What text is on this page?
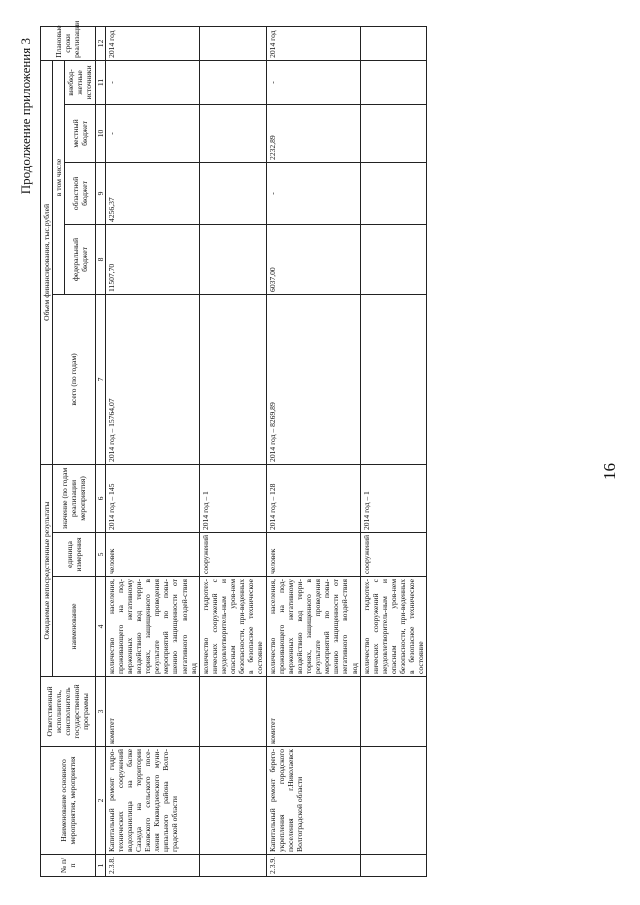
Продолжение приложения 3
№ п/п	Наименование основного мероприятия, мероприятия	Ответственный исполнитель, соисполнитель государственной программы	Ожидаемые непосредственные результаты			Объем финансирования, тыс.рублей					Плановые сроки реализации
			наименование	единица измерения	значение (по годам реализации мероприятия)	всего (по годам)	в том числе				
							федеральный бюджет	областной бюджет	местный бюджет	внебюд-жетные источники	
1	2	3	4	5	6	7	8	9	10	11	12
2.3.8.	Капитальный ремонт гидро-технических сооружений водохранилища на балке Сазауда на территории Ежовского сельского посе-ления Киквидзенского муни-ципального района Волго-градской области	комитет	количество населения, проживающего на под-верженных негативному воздействию вод терри-ториях, защищенного в результате проведения мероприятий по повы-шению защищенности от негативного воздей-ствия вод	человек	2014 год – 145	2014 год – 15764,07	11507,70	4256,37	-	-	2014 год
			количество гидротех-нических сооружений с неудовлетворитель-ным и опасным уров-нем безопасности, при-веденных в безопасное техническое состояние	сооружений	2014 год – 1						
2.3.9.	Капитальный ремонт берего-укрепления городского поселения г.Николаевск Волгоградской области	комитет	количество населения, проживающего на под-верженных негативному воздействию вод терри-ториях, защищенного в результате проведения мероприятий по повы-шению защищенности от негативного воздей-ствия вод	человек	2014 год – 128	2014 год – 8269,89	6037,00	-	2232,89	-	2014 год
			количество гидротех-нических сооружений с неудовлетворитель-ным и опасным уров-нем безопасности, при-веденных в безопасное техническое состояние	сооружений	2014 год – 1						
16
